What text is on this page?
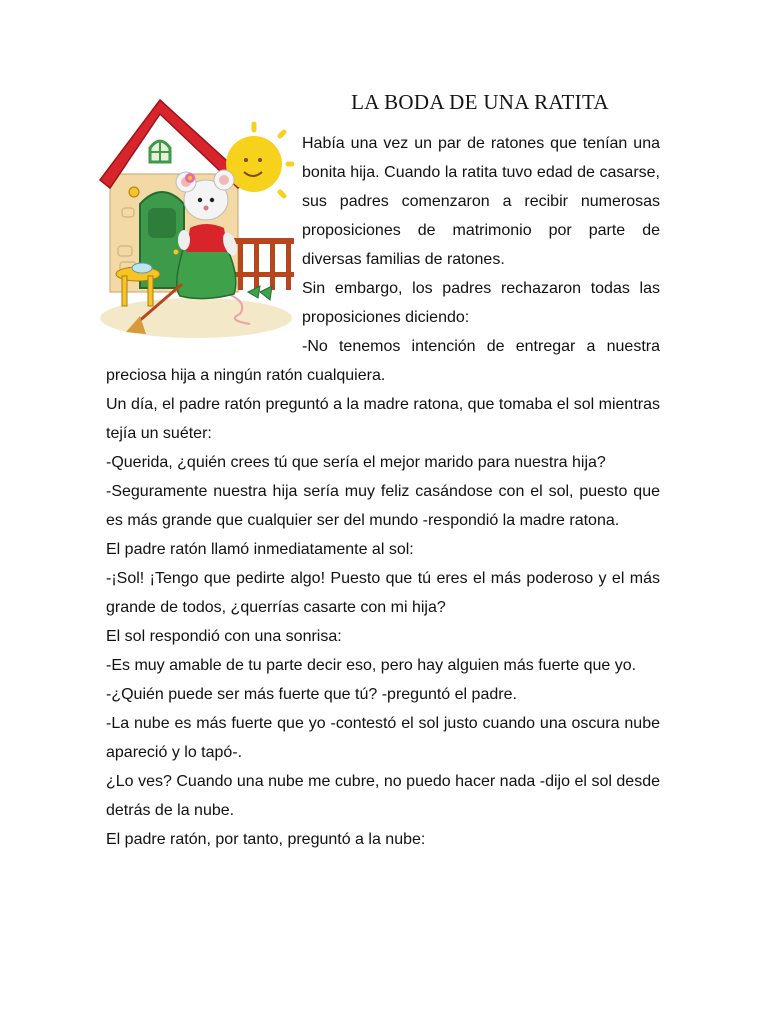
LA BODA DE UNA RATITA

Había una vez un par de ratones que tenían una bonita hija. Cuando la ratita tuvo edad de casarse, sus padres comenzaron a recibir numerosas proposiciones de matrimonio por parte de diversas familias de ratones.

Sin embargo, los padres rechazaron todas las proposiciones diciendo:

-No tenemos intención de entregar a nuestra

preciosa hija a ningún ratón cualquiera.

Un día, el padre ratón preguntó a la madre ratona, que tomaba el sol mientras tejía un suéter:

-Querida, ¿quién crees tú que sería el mejor marido para nuestra hija?

-Seguramente nuestra hija sería muy feliz casándose con el sol, puesto que es más grande que cualquier ser del mundo -respondió la madre ratona.

El padre ratón llamó inmediatamente al sol:

-¡Sol! ¡Tengo que pedirte algo! Puesto que tú eres el más poderoso y el más grande de todos, ¿querrías casarte con mi hija?

El sol respondió con una sonrisa:

-Es muy amable de tu parte decir eso, pero hay alguien más fuerte que yo.

-¿Quién puede ser más fuerte que tú? -preguntó el padre.

-La nube es más fuerte que yo -contestó el sol justo cuando una oscura nube apareció y lo tapó-.

¿Lo ves? Cuando una nube me cubre, no puedo hacer nada -dijo el sol desde detrás de la nube.

El padre ratón, por tanto, preguntó a la nube:
